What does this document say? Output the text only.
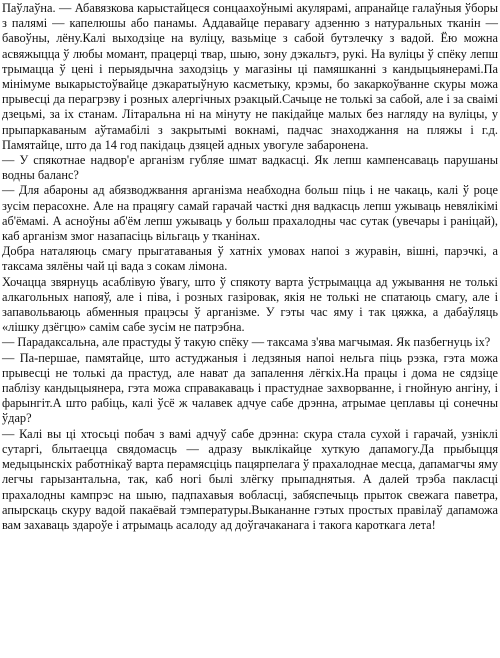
Паўлаўна. — Абавязкова карыстайцеся сонцаахоўнымі акулярамі, апранайце галаўныя ўборы з палямі — капелюшы або панамы. Аддавайце перавагу адзенню з натуральных тканін — бавоўны, лёну.Калі выходзіце на вуліцу, вазьміце з сабой бутэлечку з вадой. Ёю можна асвяжыцца ў любы момант, працерці твар, шыю, зону дэкальтэ, рукі. На вуліцы ў спёку лепш трымацца ў цені і перыядычна заходзіць у магазіны ці памяшканні з кандыцыянерамі.Па мінімуме выкарыстоўвайце дэкаратыўную касметыку, крэмы, бо закаркоўванне скуры можа прывесці да перагрэву і розных алергічных рэакцый.Сачыце не толькі за сабой, але і за сваімі дзецьмі, за іх станам. Літаральна ні на мінуту не пакідайце малых без нагляду на вуліцы, у прыпаркаваным аўтамабілі з закрытымі вокнамі, падчас знаходжання на пляжы і г.д. Памятайце, што да 14 год пакідаць дзяцей адных увогуле забаронена.

— У спякотнае надвор'е арганізм губляе шмат вадкасці. Як лепш кампенсаваць парушаны водны баланс?

— Для абароны ад абязводжвання арганізма неабходна больш піць і не чакаць, калі ў роце зусім перасохне. Але на працягу самай гарачай часткі дня вадкасць лепш ужываць невялікімі аб'ёмамі. А асноўны аб'ём лепш ужываць у больш прахалодны час сутак (увечары і раніцай), каб арганізм змог назапасіць вільгаць у тканінах.

Добра наталяюць смагу прыгатаваныя ў хатніх умовах напоі з журавін, вішні, парэчкі, а таксама зялёны чай ці вада з сокам лімона.

Хочацца звярнуць асаблівую ўвагу, што ў спякоту варта ўстрымацца ад ужывання не толькі алкагольных напояў, але і піва, і розных газіровак, якія не толькі не спатаюць смагу, але і запавольваюць абменныя працэсы ў арганізме. У гэты час яму і так цяжка, а дабаўляць «лішку дзёгцю» самім сабе зусім не патрэбна.

— Парадаксальна, але прастуды ў такую спёку — таксама з'ява магчымая. Як пазбегнуць іх?

— Па-першае, памятайце, што астуджаныя і ледзяныя напоі нельга піць рэзка, гэта можа прывесці не толькі да прастуд, але нават да запалення лёгкіх.На працы і дома не сядзіце паблізу кандыцыянера, гэта можа справакаваць і прастуднае захворванне, і гнойную ангіну, і фарынгіт.А што рабіць, калі ўсё ж чалавек адчуе сабе дрэнна, атрымае цеплавы ці сонечны ўдар?

— Калі вы ці хтосьці побач з вамі адчуў сабе дрэнна: скура стала сухой і гарачай, узніклі сутаргі, блытаецца свядомасць — адразу выклікайце хуткую дапамогу.Да прыбыцця медыцынскіх работнікаў варта перамясціць пацярпелага ў прахалоднае месца, дапамагчы яму легчы гарызантальна, так, каб ногі былі злёгку прыпаднятыя. А далей трэба пакласці прахалодны кампрэс на шыю, падпахавыя вобласці, забяспечыць прыток свежага паветра, апырскаць скуру вадой пакаёвай тэмпературы.Выкананне гэтых простых правілаў дапаможа вам захаваць здароўе і атрымаць асалоду ад доўгачаканага і такога кароткага лета!
